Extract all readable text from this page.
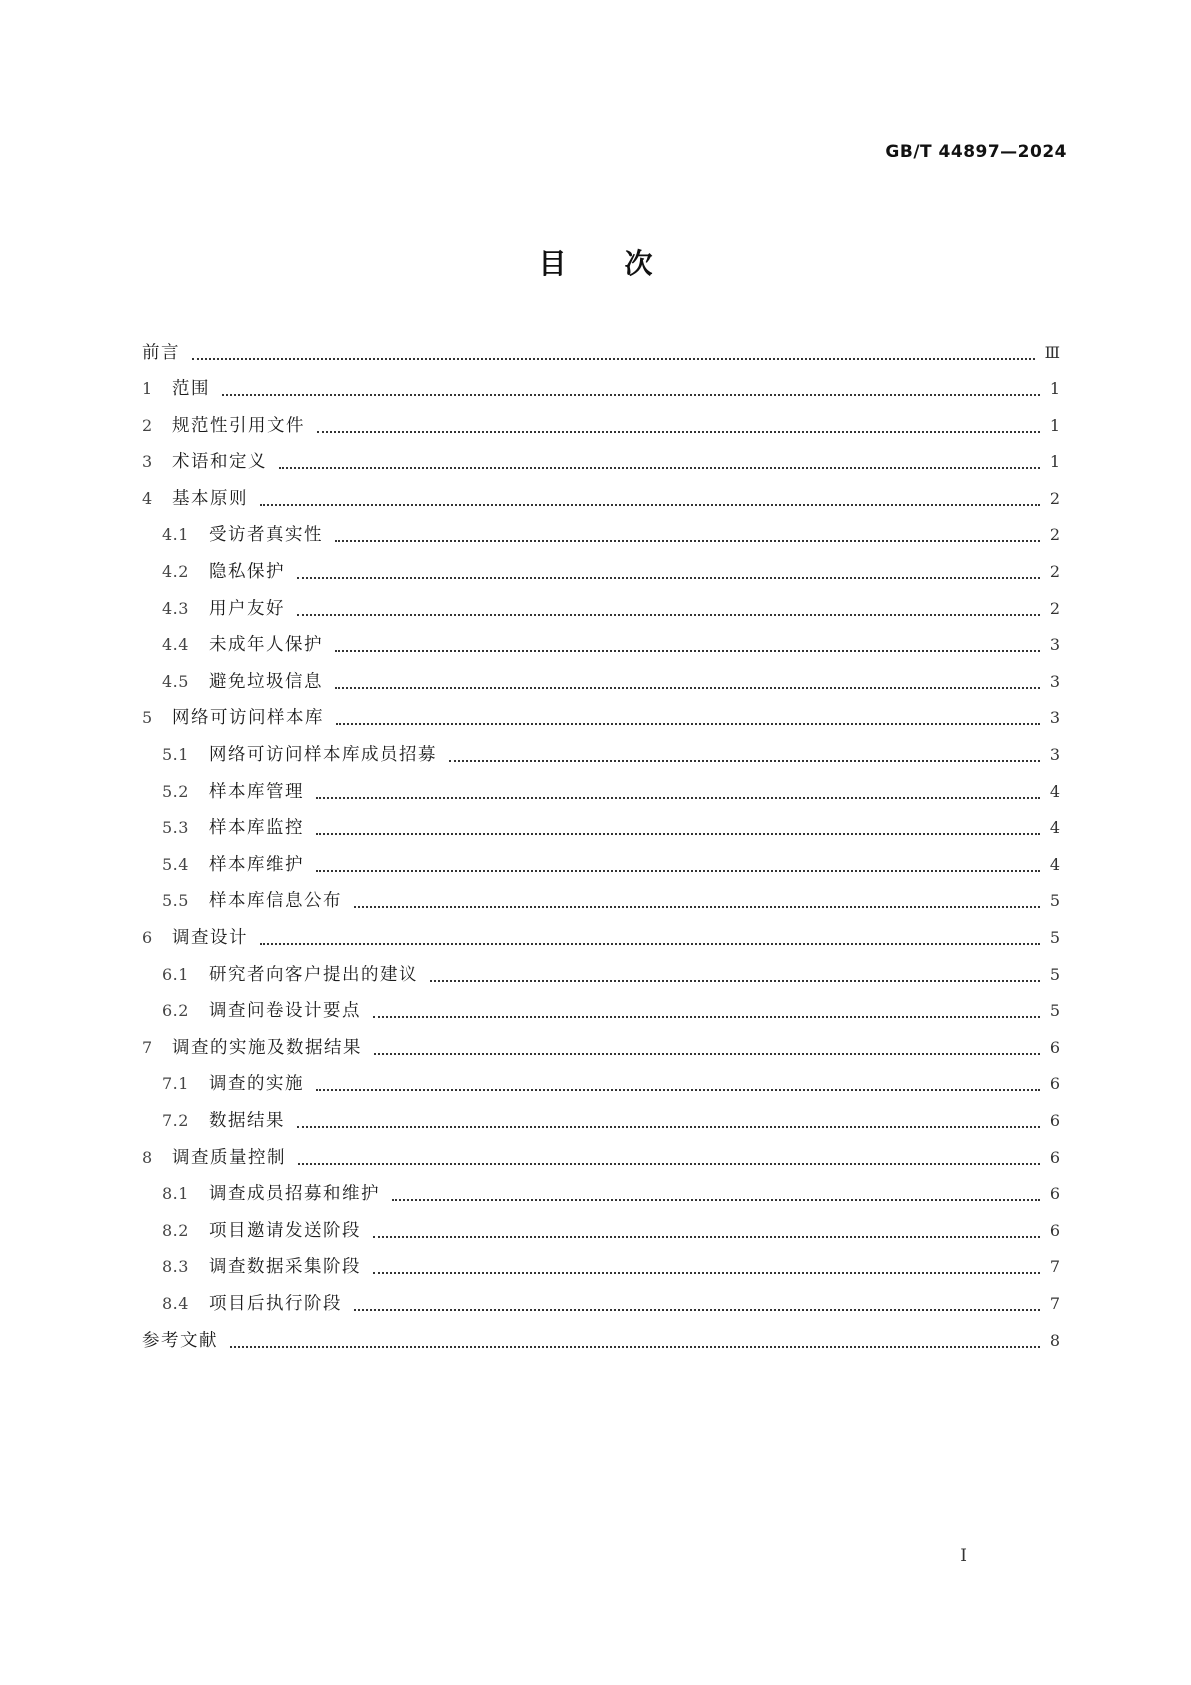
GB/T 44897—2024
目次
前言	Ⅲ
1	范围	1
2	规范性引用文件	1
3	术语和定义	1
4	基本原则	2
4.1	受访者真实性	2
4.2	隐私保护	2
4.3	用户友好	2
4.4	未成年人保护	3
4.5	避免垃圾信息	3
5	网络可访问样本库	3
5.1	网络可访问样本库成员招募	3
5.2	样本库管理	4
5.3	样本库监控	4
5.4	样本库维护	4
5.5	样本库信息公布	5
6	调查设计	5
6.1	研究者向客户提出的建议	5
6.2	调查问卷设计要点	5
7	调查的实施及数据结果	6
7.1	调查的实施	6
7.2	数据结果	6
8	调查质量控制	6
8.1	调查成员招募和维护	6
8.2	项目邀请发送阶段	6
8.3	调查数据采集阶段	7
8.4	项目后执行阶段	7
参考文献	8
I
